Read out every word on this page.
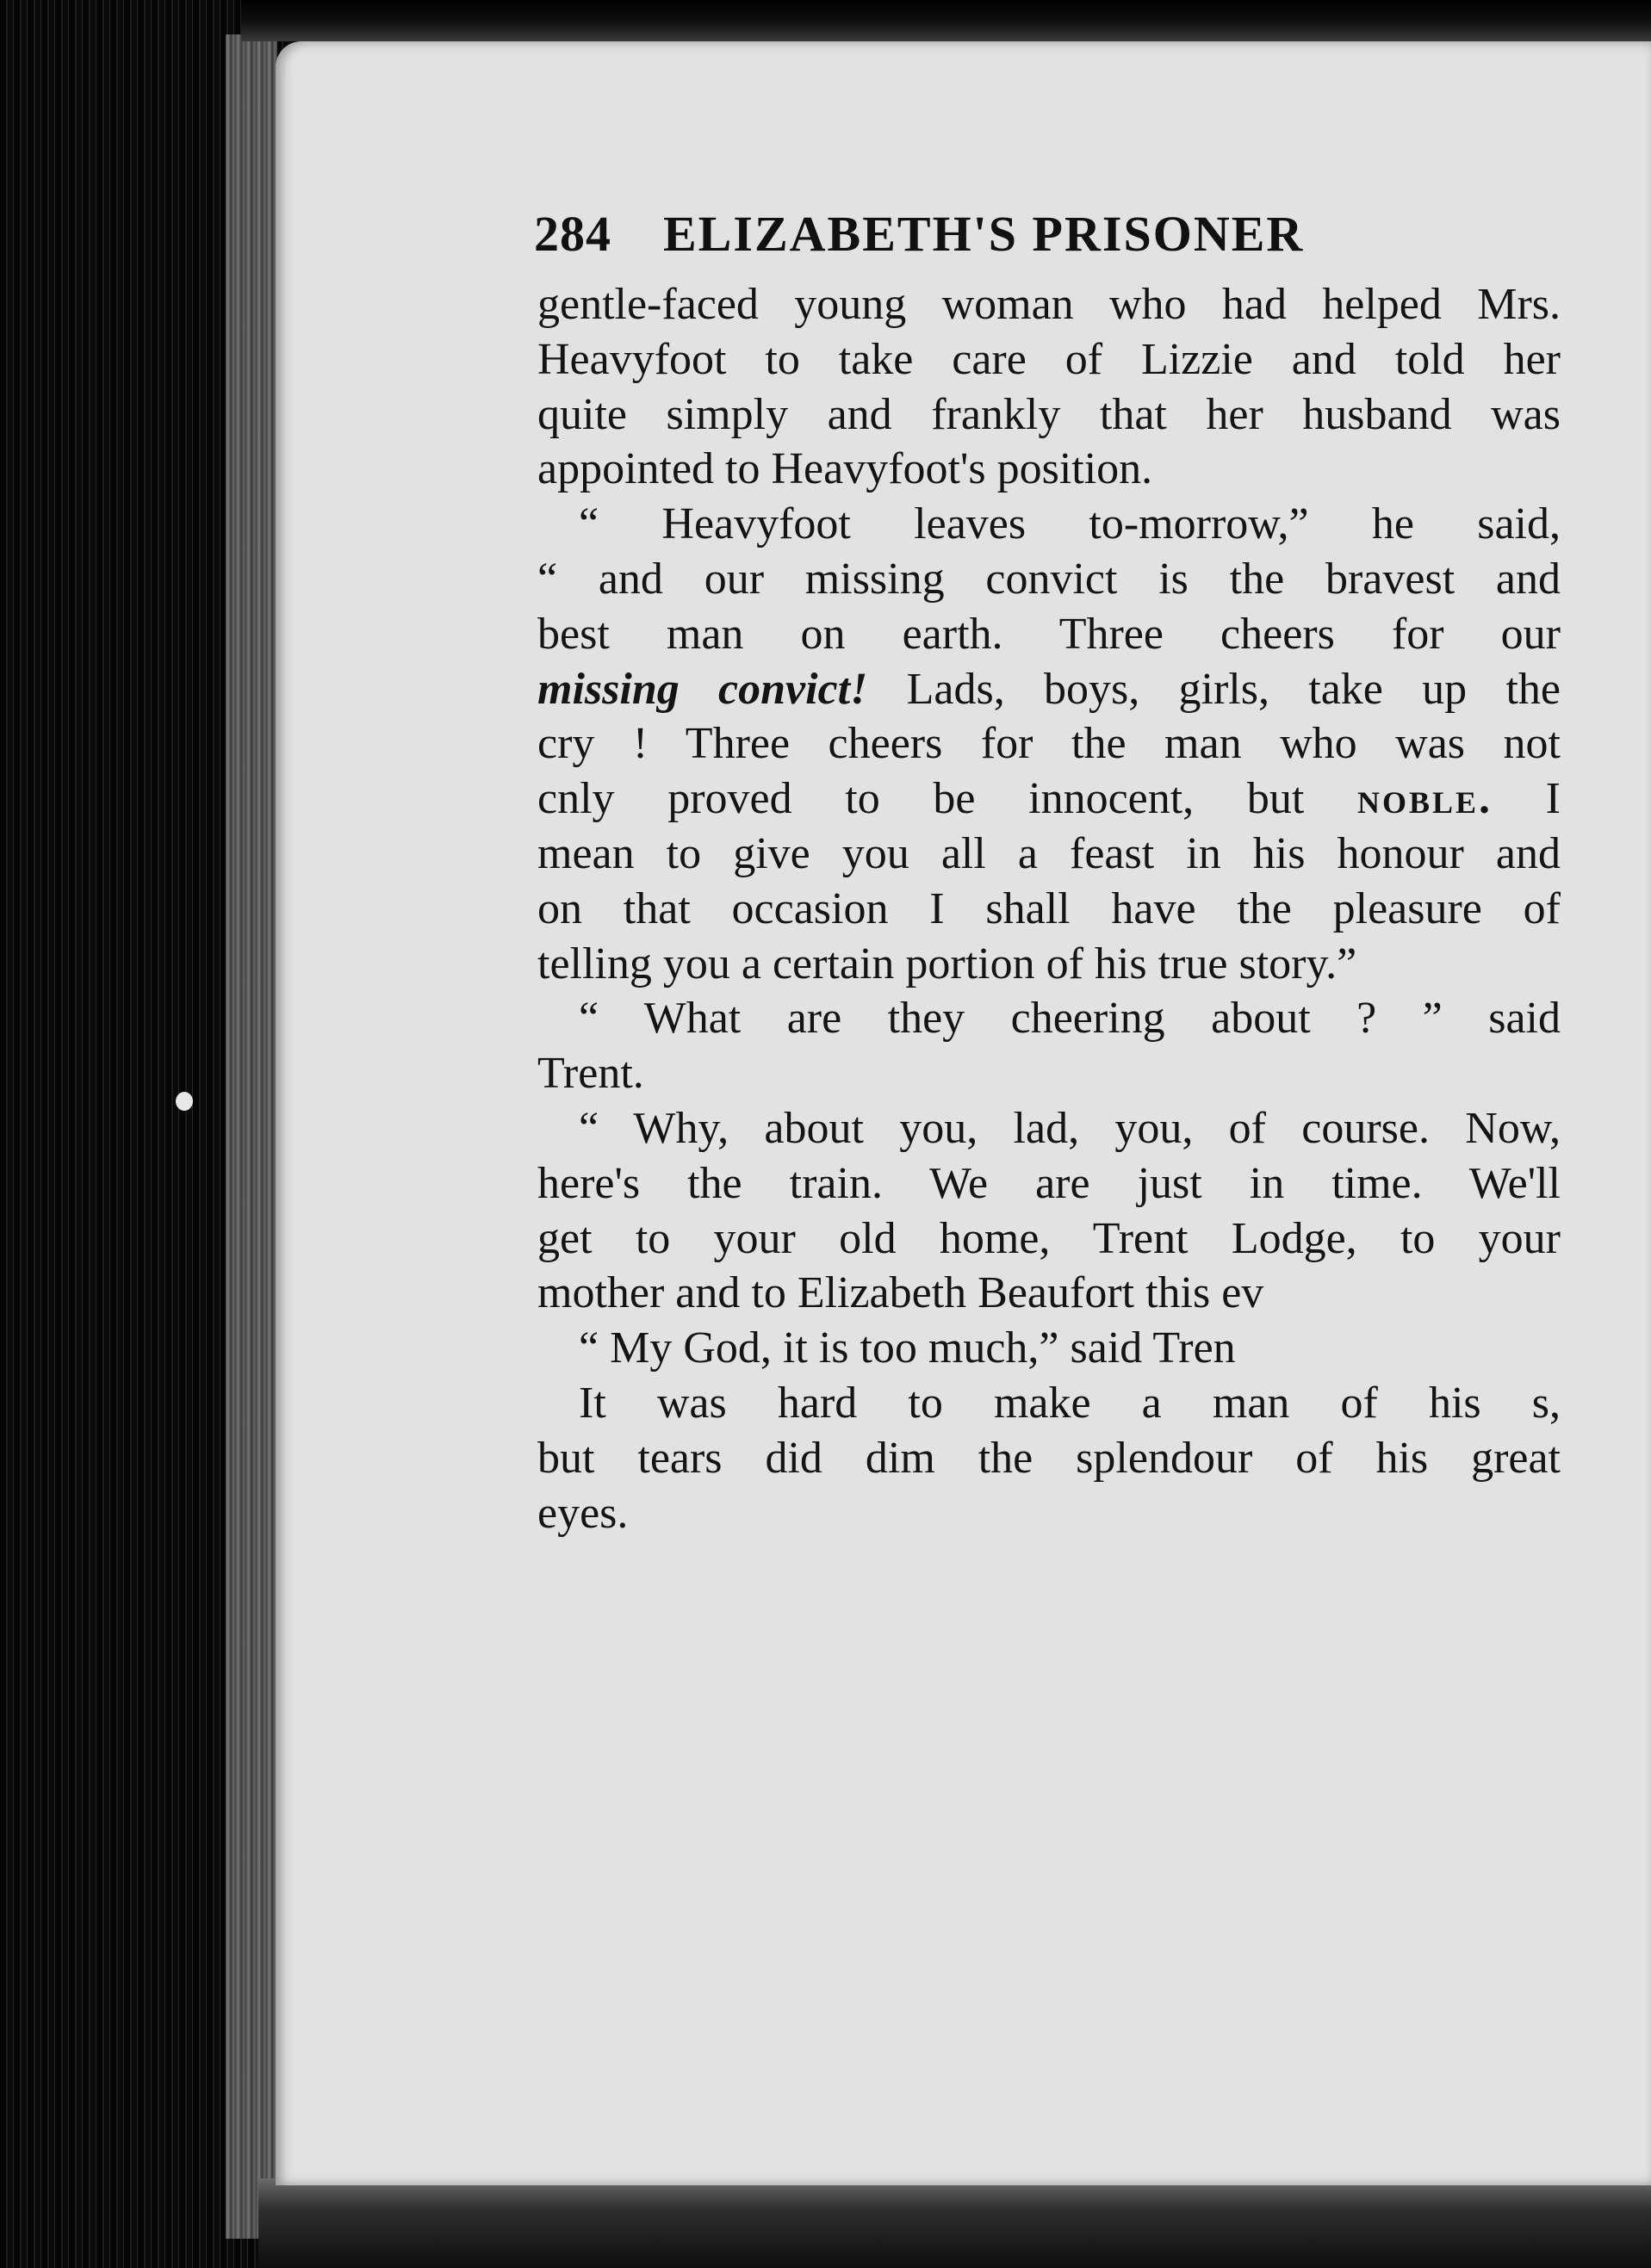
284 ELIZABETH'S PRISONER
gentle-faced young woman who had helped Mrs.
Heavyfoot to take care of Lizzie and told her
quite simply and frankly that her husband was
appointed to Heavyfoot's position.
“ Heavyfoot leaves to-morrow,” he said,
“ and our missing convict is the bravest and
best man on earth. Three cheers for our
missing convict! Lads, boys, girls, take up the
cry ! Three cheers for the man who was not
cnly proved to be innocent, but noble. I
mean to give you all a feast in his honour and
on that occasion I shall have the pleasure of
telling you a certain portion of his true story.”
“ What are they cheering about ? ” said
Trent.
“ Why, about you, lad, you, of course. Now,
here's the train. We are just in time. We'll
get to your old home, Trent Lodge, to your
mother and to Elizabeth Beaufort this ev
“ My God, it is too much,” said Tren
It was hard to make a man of his s,
but tears did dim the splendour of his great
eyes.
